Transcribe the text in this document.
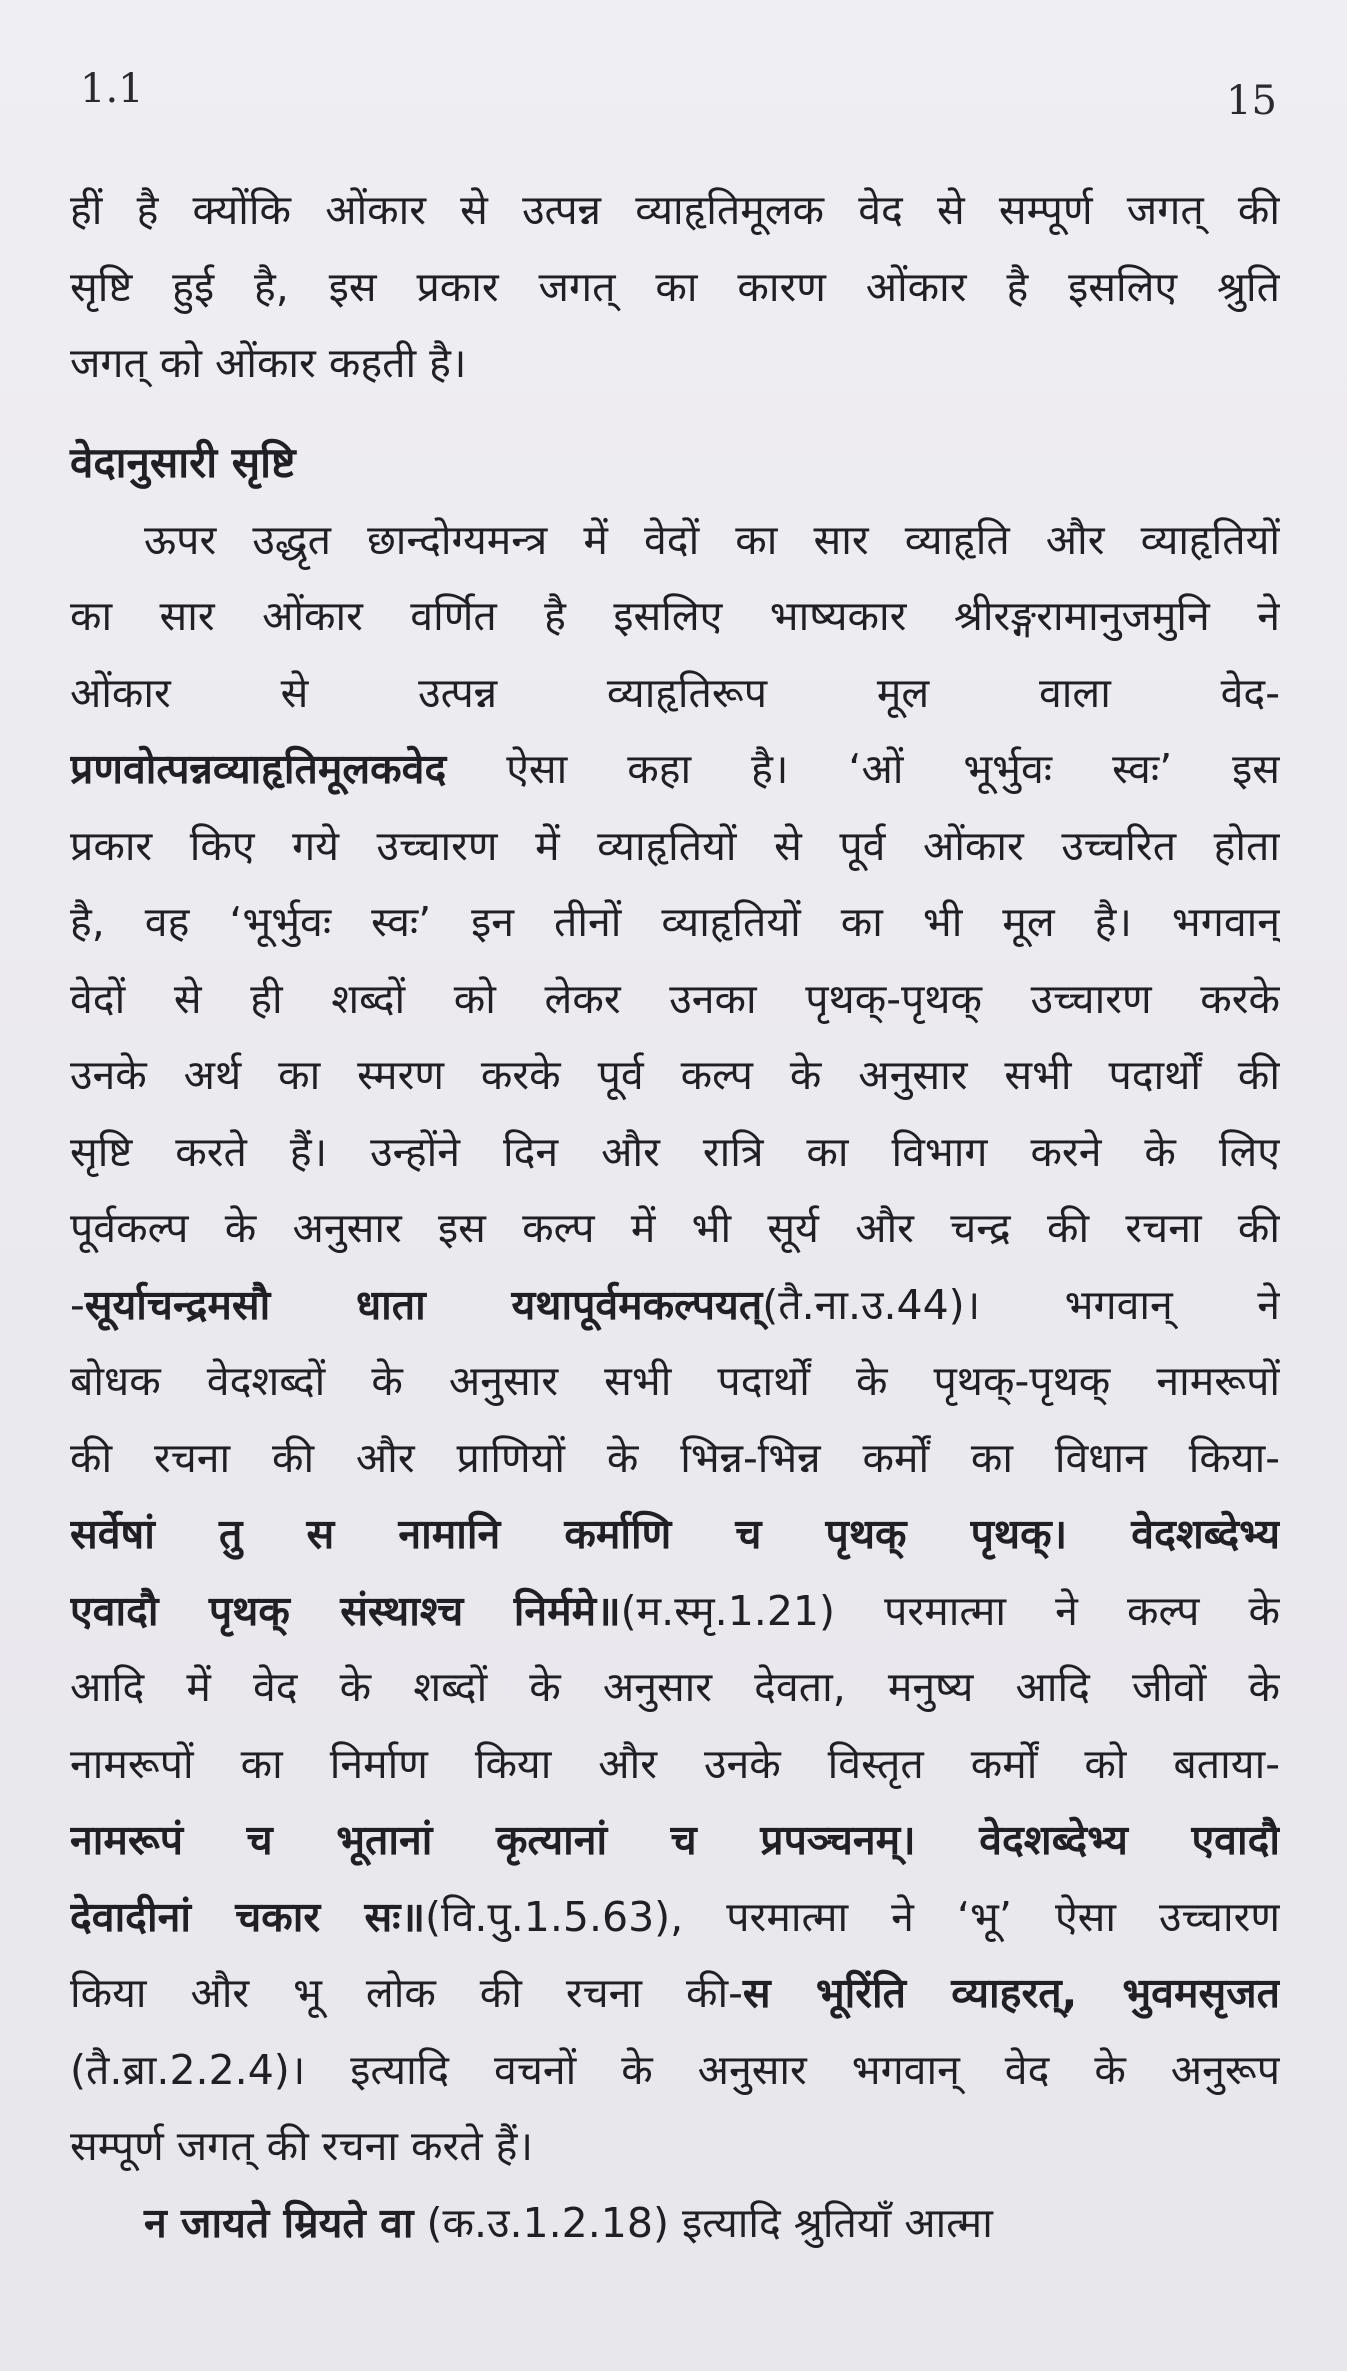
1.1	15
हीं है क्योंकि ओंकार से उत्पन्न व्याहृतिमूलक वेद से सम्पूर्ण जगत् की
सृष्टि हुई है, इस प्रकार जगत् का कारण ओंकार है इसलिए श्रुति
जगत् को ओंकार कहती है।
वेदानुसारी सृष्टि
ऊपर उद्धृत छान्दोग्यमन्त्र में वेदों का सार व्याहृति और व्याहृतियों
का सार ओंकार वर्णित है इसलिए भाष्यकार श्रीरङ्गरामानुजमुनि ने
ओंकार से उत्पन्न व्याहृतिरूप मूल वाला वेद-
प्रणवोत्पन्नव्याहृतिमूलकवेद ऐसा कहा है। ‘ओं भूर्भुवः स्वः’ इस
प्रकार किए गये उच्चारण में व्याहृतियों से पूर्व ओंकार उच्चरित होता
है, वह ‘भूर्भुवः स्वः’ इन तीनों व्याहृतियों का भी मूल है। भगवान्
वेदों से ही शब्दों को लेकर उनका पृथक्-पृथक् उच्चारण करके
उनके अर्थ का स्मरण करके पूर्व कल्प के अनुसार सभी पदार्थों की
सृष्टि करते हैं। उन्होंने दिन और रात्रि का विभाग करने के लिए
पूर्वकल्प के अनुसार इस कल्प में भी सूर्य और चन्द्र की रचना की
-सूर्याचन्द्रमसौ धाता यथापूर्वमकल्पयत्(तै.ना.उ.44)। भगवान् ने
बोधक वेदशब्दों के अनुसार सभी पदार्थों के पृथक्-पृथक् नामरूपों
की रचना की और प्राणियों के भिन्न-भिन्न कर्मों का विधान किया-
सर्वेषां तु स नामानि कर्माणि च पृथक् पृथक्। वेदशब्देभ्य
एवादौ पृथक् संस्थाश्च निर्ममे॥(म.स्मृ.1.21) परमात्मा ने कल्प के
आदि में वेद के शब्दों के अनुसार देवता, मनुष्य आदि जीवों के
नामरूपों का निर्माण किया और उनके विस्तृत कर्मों को बताया-
नामरूपं च भूतानां कृत्यानां च प्रपञ्चनम्। वेदशब्देभ्य एवादौ
देवादीनां चकार सः॥(वि.पु.1.5.63), परमात्मा ने ‘भू’ ऐसा उच्चारण
किया और भू लोक की रचना की-स भूरिंति व्याहरत्, भुवमसृजत
(तै.ब्रा.2.2.4)। इत्यादि वचनों के अनुसार भगवान् वेद के अनुरूप
सम्पूर्ण जगत् की रचना करते हैं।
न जायते म्रियते वा (क.उ.1.2.18) इत्यादि श्रुतियाँ आत्मा
